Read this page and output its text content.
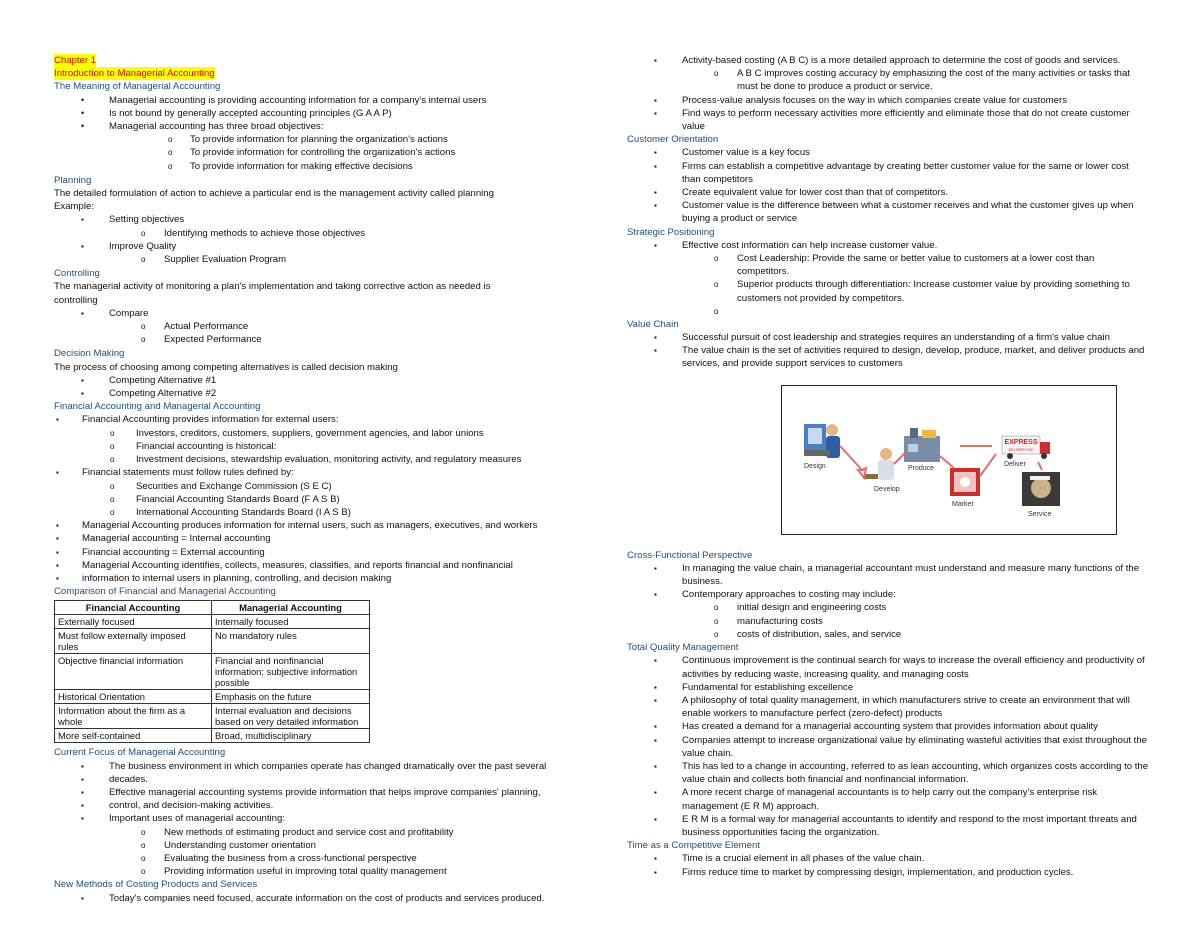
Chapter 1
Introduction to Managerial Accounting
The Meaning of Managerial Accounting
• Managerial accounting is providing accounting information for a company's internal users
• Is not bound by generally accepted accounting principles (G A A P)
• Managerial accounting has three broad objectives:
o To provide information for planning the organization's actions
o To provide information for controlling the organization's actions
o To provide information for making effective decisions
Planning

The detailed formulation of action to achieve a particular end is the management activity called planning

Example:

▪ Setting objectives
o Identifying methods to achieve those objectives
▪ Improve Quality
o Supplier Evaluation Program
Controlling

The managerial activity of monitoring a plan's implementation and taking corrective action as needed is controlling

▪ Compare
o Actual Performance
o Expected Performance
Decision Making

The process of choosing among competing alternatives is called decision making

▪ Competing Alternative #1
▪ Competing Alternative #2
Financial Accounting and Managerial Accounting
▪ Financial Accounting provides information for external users:
o Investors, creditors, customers, suppliers, government agencies, and labor unions
o Financial accounting is historical:
o Investment decisions, stewardship evaluation, monitoring activity, and regulatory measures
▪ Financial statements must follow rules defined by:
o Securities and Exchange Commission (S E C)
o Financial Accounting Standards Board (F A S B)
o International Accounting Standards Board (I A S B)
▪ Managerial Accounting produces information for internal users, such as managers, executives, and workers
▪ Managerial accounting = Internal accounting
▪ Financial accounting = External accounting
▪ Managerial Accounting identifies, collects, measures, classifies, and reports financial and nonfinancial
▪ information to internal users in planning, controlling, and decision making
Comparison of Financial and Managerial Accounting
Financial Accounting	Managerial Accounting
Externally focused	Internally focused
Must follow externally imposed rules	No mandatory rules
Objective financial information	Financial and nonfinancial information; subjective information possible
Historical Orientation	Emphasis on the future
Information about the firm as a whole	Internal evaluation and decisions based on very detailed information
More self-contained	Broad, multidisciplinary
Current Focus of Managerial Accounting
▪ The business environment in which companies operate has changed dramatically over the past several
▪ decades.
▪ Effective managerial accounting systems provide information that helps improve companies' planning,
▪ control, and decision-making activities.
▪ Important uses of managerial accounting:
o New methods of estimating product and service cost and profitability
o Understanding customer orientation
o Evaluating the business from a cross-functional perspective
o Providing information useful in improving total quality management
New Methods of Costing Products and Services
▪ Today's companies need focused, accurate information on the cost of products and services produced.
▪ Activity-based costing (A B C) is a more detailed approach to determine the cost of goods and services.
o A B C improves costing accuracy by emphasizing the cost of the many activities or tasks that must be done to produce a product or service.
▪ Process-value analysis focuses on the way in which companies create value for customers
▪ Find ways to perform necessary activities more efficiently and eliminate those that do not create customer value
Customer Orientation
▪ Customer value is a key focus
▪ Firms can establish a competitive advantage by creating better customer value for the same or lower cost than competitors
▪ Create equivalent value for lower cost than that of competitors.
▪ Customer value is the difference between what a customer receives and what the customer gives up when buying a product or service
Strategic Positioning
▪ Effective cost information can help increase customer value.
o Cost Leadership: Provide the same or better value to customers at a lower cost than competitors.
o Superior products through differentiation: Increase customer value by providing something to customers not provided by competitors.
o
Value Chain
▪ Successful pursuit of cost leadership and strategies requires an understanding of a firm's value chain
▪ The value chain is the set of activities required to design, develop, produce, market, and deliver products and services, and provide support services to customers
EXPRESS
DELIVERY INC
Design
Develop
Produce
Market
Deliver
Service
Cross-Functional Perspective
▪ In managing the value chain, a managerial accountant must understand and measure many functions of the business.
▪ Contemporary approaches to costing may include:
o initial design and engineering costs
o manufacturing costs
o costs of distribution, sales, and service
Total Quality Management
▪ Continuous improvement is the continual search for ways to increase the overall efficiency and productivity of activities by reducing waste, increasing quality, and managing costs
▪ Fundamental for establishing excellence
▪ A philosophy of total quality management, in which manufacturers strive to create an environment that will enable workers to manufacture perfect (zero-defect) products
▪ Has created a demand for a managerial accounting system that provides information about quality
▪ Companies attempt to increase organizational value by eliminating wasteful activities that exist throughout the value chain.
▪ This has led to a change in accounting, referred to as lean accounting, which organizes costs according to the value chain and collects both financial and nonfinancial information.
▪ A more recent charge of managerial accountants is to help carry out the company's enterprise risk management (E R M) approach.
▪ E R M is a formal way for managerial accountants to identify and respond to the most important threats and business opportunities facing the organization.
Time as a Competitive Element
▪ Time is a crucial element in all phases of the value chain.
▪ Firms reduce time to market by compressing design, implementation, and production cycles.
